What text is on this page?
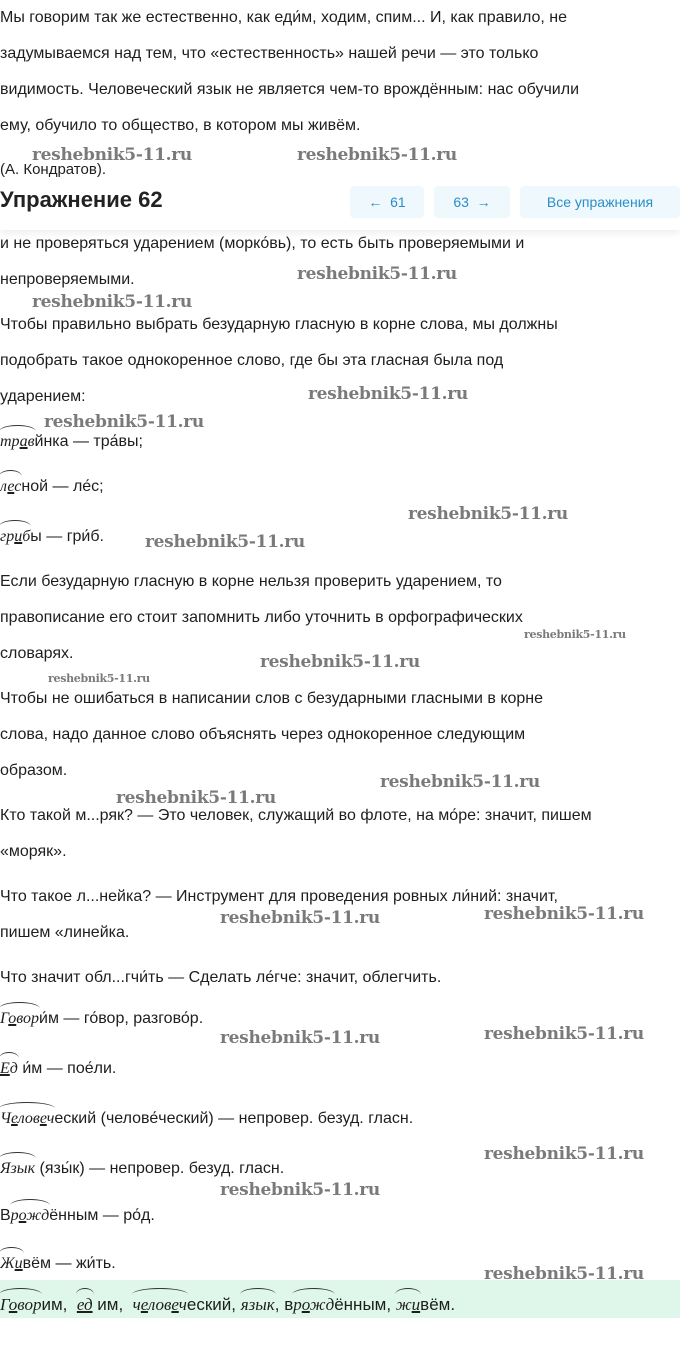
Мы говорим так же естественно, как еди́м, ходим, спим... И, как правило, не
задумываемся над тем, что «естественность» нашей речи — это только
видимость. Человеческий язык не является чем-то врождённым: нас обучили
ему, обучило то общество, в котором мы живём.
(А. Кондратов).
Упражнение 62	← 61	63 →	Все упражнения
и не проверяться ударением (морко́вь), то есть быть проверяемыми и
непроверяемыми.
Чтобы правильно выбрать безударную гласную в корне слова, мы должны
подобрать такое однокоренное слово, где бы эта гласная была под
ударением:
травйнка — тра́вы;
лесной — ле́с;
грибы — гри́б.
Если безударную гласную в корне нельзя проверить ударением, то
правописание его стоит запомнить либо уточнить в орфографических
словарях.
Чтобы не ошибаться в написании слов с безударными гласными в корне
слова, надо данное слово объяснять через однокоренное следующим
образом.
Кто такой м...ряк? — Это человек, служащий во флоте, на мо́ре: значит, пишем
«моряк».
Что такое л...нейка? — Инструмент для проведения ровных ли́ний: значит,
пишем «линейка.
Что значит обл...гчи́ть — Сделать ле́гче: значит, облегчить.
Говори́м — го́вор, разгово́р.
Ед и́м — пое́ли.
Человеческий (челове́ческий) — непровер. безуд. гласн.
Язык (язы́к) — непровер. безуд. гласн.
Врождённым — ро́д.
Живём — жи́ть.
Говорим, ед им, человеческий, язык, врождённым, живём.
reshebnik5-11.ru	reshebnik5-11.ru
reshebnik5-11.ru
reshebnik5-11.ru
reshebnik5-11.ru
reshebnik5-11.ru
reshebnik5-11.ru
reshebnik5-11.ru
reshebnik5-11.ru
reshebnik5-11.ru
reshebnik5-11.ru
reshebnik5-11.ru
reshebnik5-11.ru
reshebnik5-11.ru
reshebnik5-11.ru
reshebnik5-11.ru	reshebnik5-11.ru
reshebnik5-11.ru
reshebnik5-11.ru
reshebnik5-11.ru
